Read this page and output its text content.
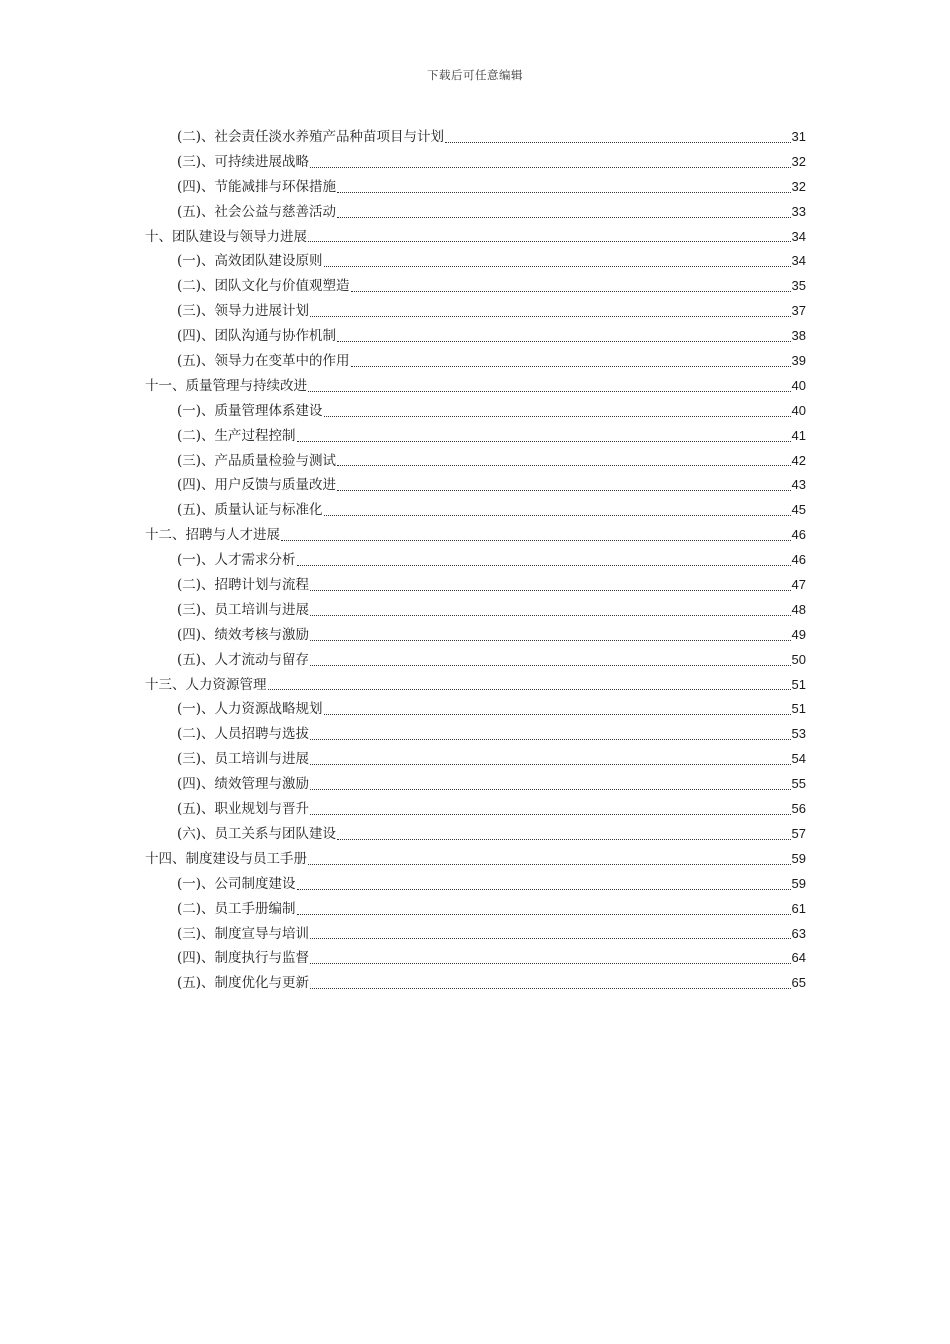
下载后可任意编辑
(二)、社会责任淡水养殖产品种苗项目与计划	31
(三)、可持续进展战略	32
(四)、节能减排与环保措施	32
(五)、社会公益与慈善活动	33
十、团队建设与领导力进展	34
(一)、高效团队建设原则	34
(二)、团队文化与价值观塑造	35
(三)、领导力进展计划	37
(四)、团队沟通与协作机制	38
(五)、领导力在变革中的作用	39
十一、质量管理与持续改进	40
(一)、质量管理体系建设	40
(二)、生产过程控制	41
(三)、产品质量检验与测试	42
(四)、用户反馈与质量改进	43
(五)、质量认证与标准化	45
十二、招聘与人才进展	46
(一)、人才需求分析	46
(二)、招聘计划与流程	47
(三)、员工培训与进展	48
(四)、绩效考核与激励	49
(五)、人才流动与留存	50
十三、人力资源管理	51
(一)、人力资源战略规划	51
(二)、人员招聘与选拔	53
(三)、员工培训与进展	54
(四)、绩效管理与激励	55
(五)、职业规划与晋升	56
(六)、员工关系与团队建设	57
十四、制度建设与员工手册	59
(一)、公司制度建设	59
(二)、员工手册编制	61
(三)、制度宣导与培训	63
(四)、制度执行与监督	64
(五)、制度优化与更新	65
